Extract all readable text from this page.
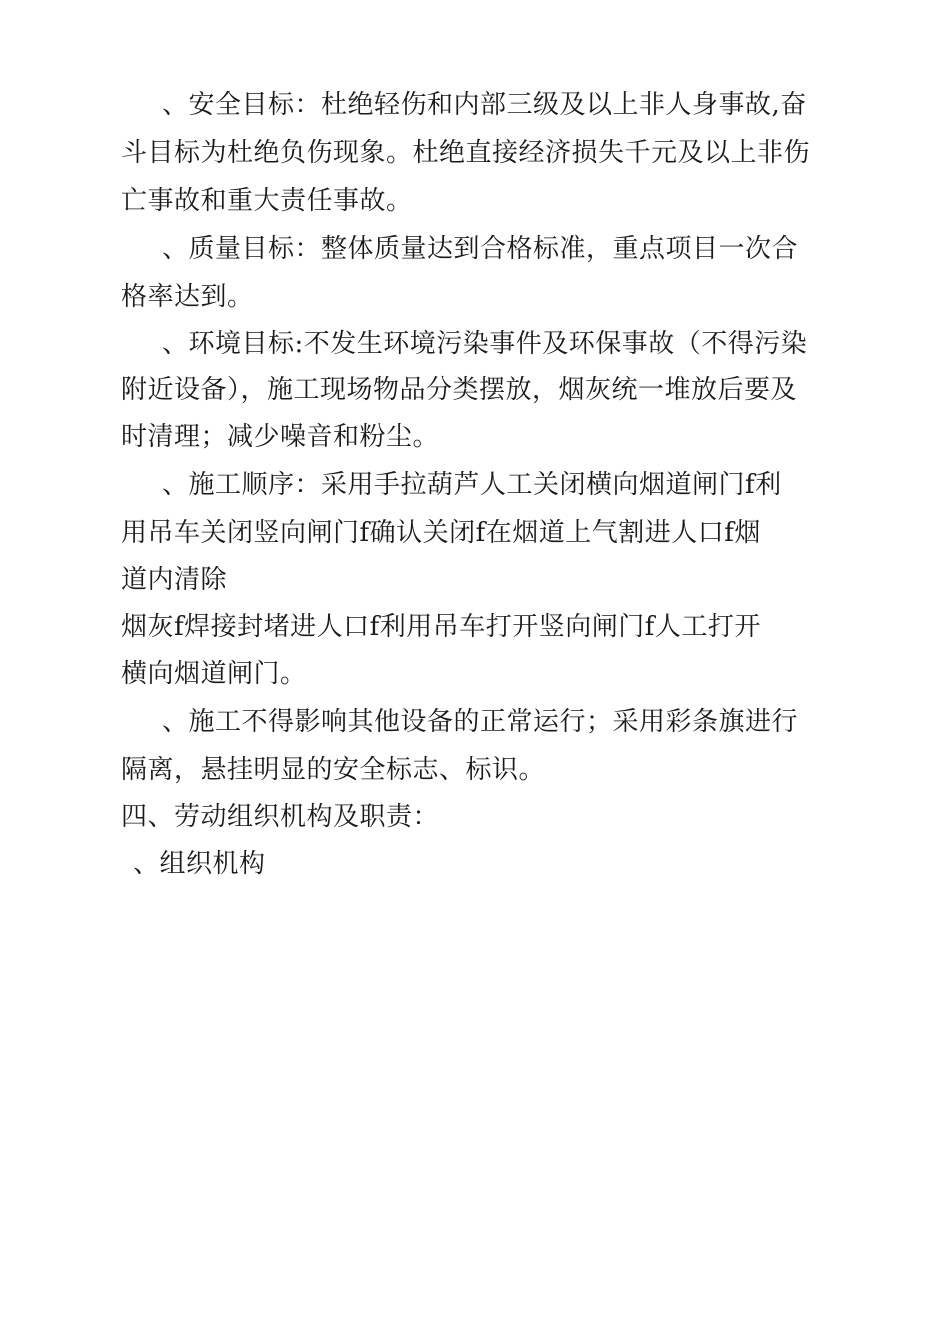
、安全目标：杜绝轻伤和内部三级及以上非人身事故,奋
斗目标为杜绝负伤现象。杜绝直接经济损失千元及以上非伤
亡事故和重大责任事故。
、质量目标：整体质量达到合格标准，重点项目一次合
格率达到。
、环境目标:不发生环境污染事件及环保事故（不得污染
附近设备），施工现场物品分类摆放，烟灰统一堆放后要及
时清理；减少噪音和粉尘。
、施工顺序：采用手拉葫芦人工关闭横向烟道闸门f利
用吊车关闭竖向闸门f确认关闭f在烟道上气割进人口f烟
道内清除
烟灰f焊接封堵进人口f利用吊车打开竖向闸门f人工打开
横向烟道闸门。
、施工不得影响其他设备的正常运行；采用彩条旗进行
隔离，悬挂明显的安全标志、标识。
四、劳动组织机构及职责：
、组织机构
